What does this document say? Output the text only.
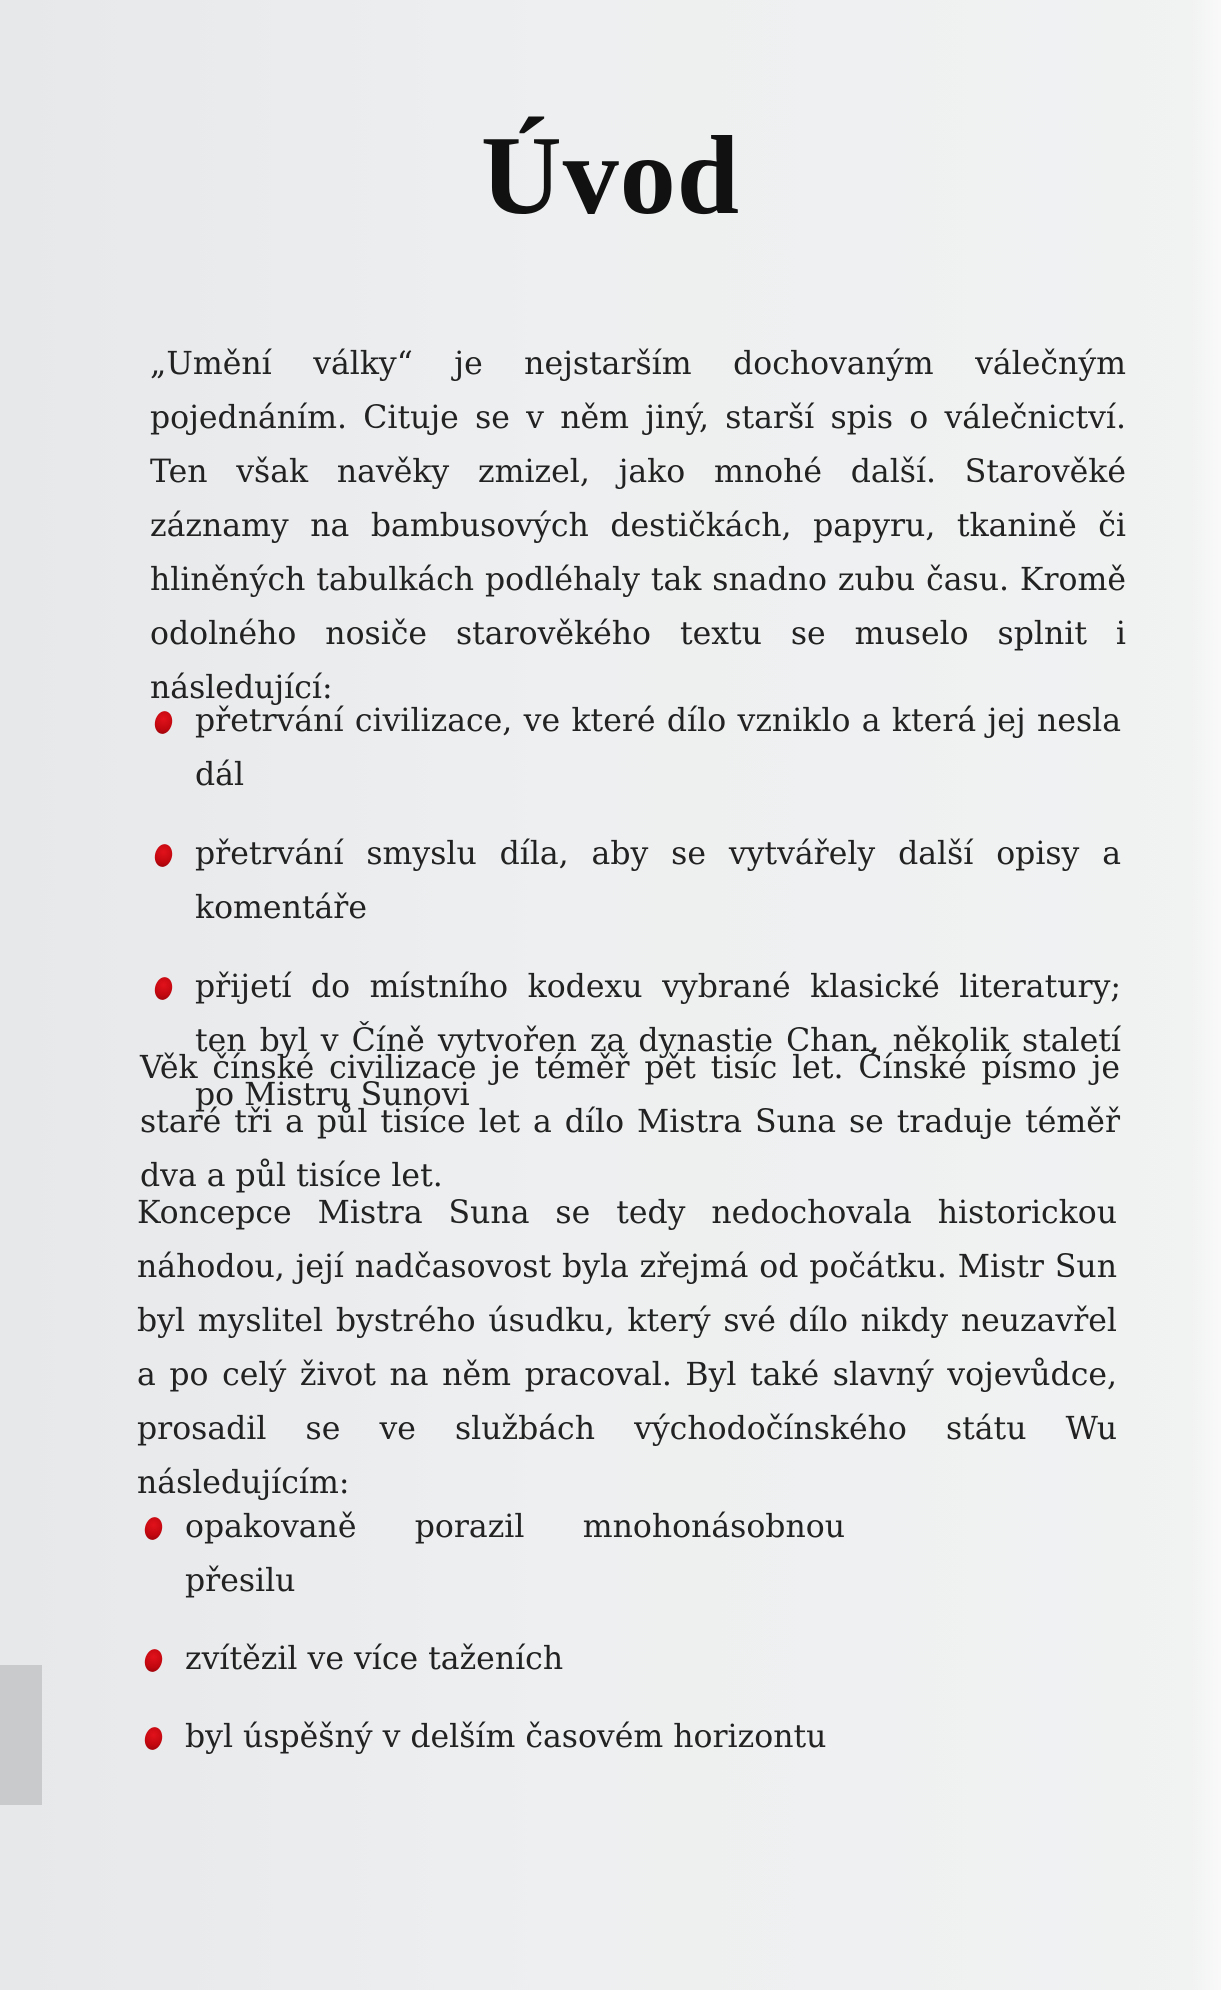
Úvod

„Umění války“ je nejstarším dochovaným válečným pojednáním. Cituje se v něm jiný, starší spis o válečnictví. Ten však navěky zmizel, jako mnohé další. Starověké záznamy na bambusových destičkách, papyru, tkanině či hliněných tabulkách podléhaly tak snadno zubu času. Kromě odolného nosiče starověkého textu se muselo splnit i následující:

přetrvání civilizace, ve které dílo vzniklo a která jej nesla dál
přetrvání smyslu díla, aby se vytvářely další opisy a komentáře
přijetí do místního kodexu vybrané klasické literatury; ten byl v Číně vytvořen za dynastie Chan, několik staletí po Mistru Sunovi

Věk čínské civilizace je téměř pět tisíc let. Čínské písmo je staré tři a půl tisíce let a dílo Mistra Suna se traduje téměř dva a půl tisíce let.

Koncepce Mistra Suna se tedy nedochovala historickou náhodou, její nadčasovost byla zřejmá od počátku. Mistr Sun byl myslitel bystrého úsudku, který své dílo nikdy neuzavřel a po celý život na něm pracoval. Byl také slavný vojevůdce, prosadil se ve službách východočínského státu Wu následujícím:

opakovaně porazil mnohonásobnou přesilu
zvítězil ve více taženích
byl úspěšný v delším časovém horizontu
